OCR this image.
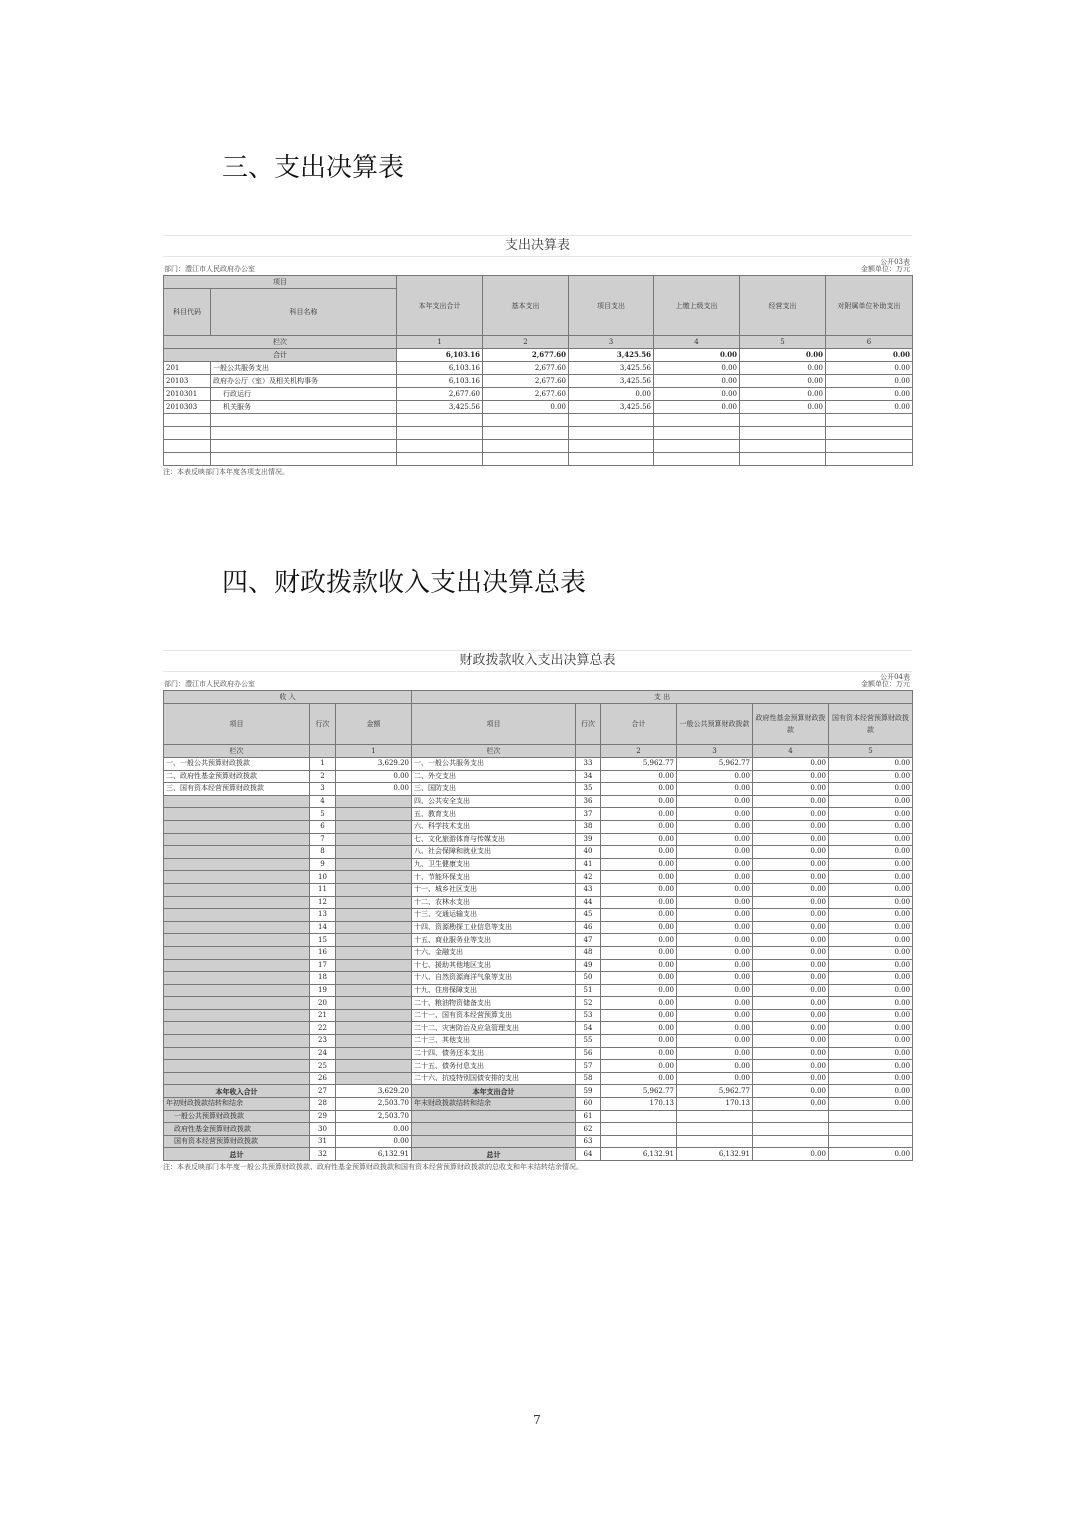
三、支出决算表
支出决算表
部门：澧江市人民政府办公室
公开03表
金额单位：万元
项目		本年支出合计	基本支出	项目支出	上缴上级支出	经营支出	对附属单位补助支出
科目代码	科目名称						
栏次		1	2	3	4	5	6
合计		6,103.16	2,677.60	3,425.56	0.00	0.00	0.00
201	一般公共服务支出	6,103.16	2,677.60	3,425.56	0.00	0.00	0.00
20103	政府办公厅（室）及相关机构事务	6,103.16	2,677.60	3,425.56	0.00	0.00	0.00
2010301	行政运行	2,677.60	2,677.60	0.00	0.00	0.00	0.00
2010303	机关服务	3,425.56	0.00	3,425.56	0.00	0.00	0.00

注：本表反映部门本年度各项支出情况。
四、财政拨款收入支出决算总表
财政拨款收入支出决算总表
部门：澧江市人民政府办公室
公开04表
金额单位：万元
收 入			支 出					
项目	行次	金额	项目	行次	合计	一般公共预算财政拨款	政府性基金预算财政拨款	国有资本经营预算财政拨款
栏次		1	栏次		2	3	4	5
一、一般公共预算财政拨款	1	3,629.20	一、一般公共服务支出	33	5,962.77	5,962.77	0.00	0.00
二、政府性基金预算财政拨款	2	0.00	二、外交支出	34	0.00	0.00	0.00	0.00
三、国有资本经营预算财政拨款	3	0.00	三、国防支出	35	0.00	0.00	0.00	0.00
	4		四、公共安全支出	36	0.00	0.00	0.00	0.00
	5		五、教育支出	37	0.00	0.00	0.00	0.00
	6		六、科学技术支出	38	0.00	0.00	0.00	0.00
	7		七、文化旅游体育与传媒支出	39	0.00	0.00	0.00	0.00
	8		八、社会保障和就业支出	40	0.00	0.00	0.00	0.00
	9		九、卫生健康支出	41	0.00	0.00	0.00	0.00
	10		十、节能环保支出	42	0.00	0.00	0.00	0.00
	11		十一、城乡社区支出	43	0.00	0.00	0.00	0.00
	12		十二、农林水支出	44	0.00	0.00	0.00	0.00
	13		十三、交通运输支出	45	0.00	0.00	0.00	0.00
	14		十四、资源勘探工业信息等支出	46	0.00	0.00	0.00	0.00
	15		十五、商业服务业等支出	47	0.00	0.00	0.00	0.00
	16		十六、金融支出	48	0.00	0.00	0.00	0.00
	17		十七、援助其他地区支出	49	0.00	0.00	0.00	0.00
	18		十八、自然资源海洋气象等支出	50	0.00	0.00	0.00	0.00
	19		十九、住房保障支出	51	0.00	0.00	0.00	0.00
	20		二十、粮油物资储备支出	52	0.00	0.00	0.00	0.00
	21		二十一、国有资本经营预算支出	53	0.00	0.00	0.00	0.00
	22		二十二、灾害防治及应急管理支出	54	0.00	0.00	0.00	0.00
	23		二十三、其他支出	55	0.00	0.00	0.00	0.00
	24		二十四、债务还本支出	56	0.00	0.00	0.00	0.00
	25		二十五、债务付息支出	57	0.00	0.00	0.00	0.00
	26		二十六、抗疫特别国债安排的支出	58	0.00	0.00	0.00	0.00
本年收入合计	27	3,629.20	本年支出合计	59	5,962.77	5,962.77	0.00	0.00
年初财政拨款结转和结余	28	2,503.70	年末财政拨款结转和结余	60	170.13	170.13	0.00	0.00
一般公共预算财政拨款	29	2,503.70		61				
政府性基金预算财政拨款	30	0.00		62				
国有资本经营预算财政拨款	31	0.00		63				
总计	32	6,132.91	总计	64	6,132.91	6,132.91	0.00	0.00
注：本表反映部门本年度一般公共预算财政拨款、政府性基金预算财政拨款和国有资本经营预算财政拨款的总收支和年末结转结余情况。
7
